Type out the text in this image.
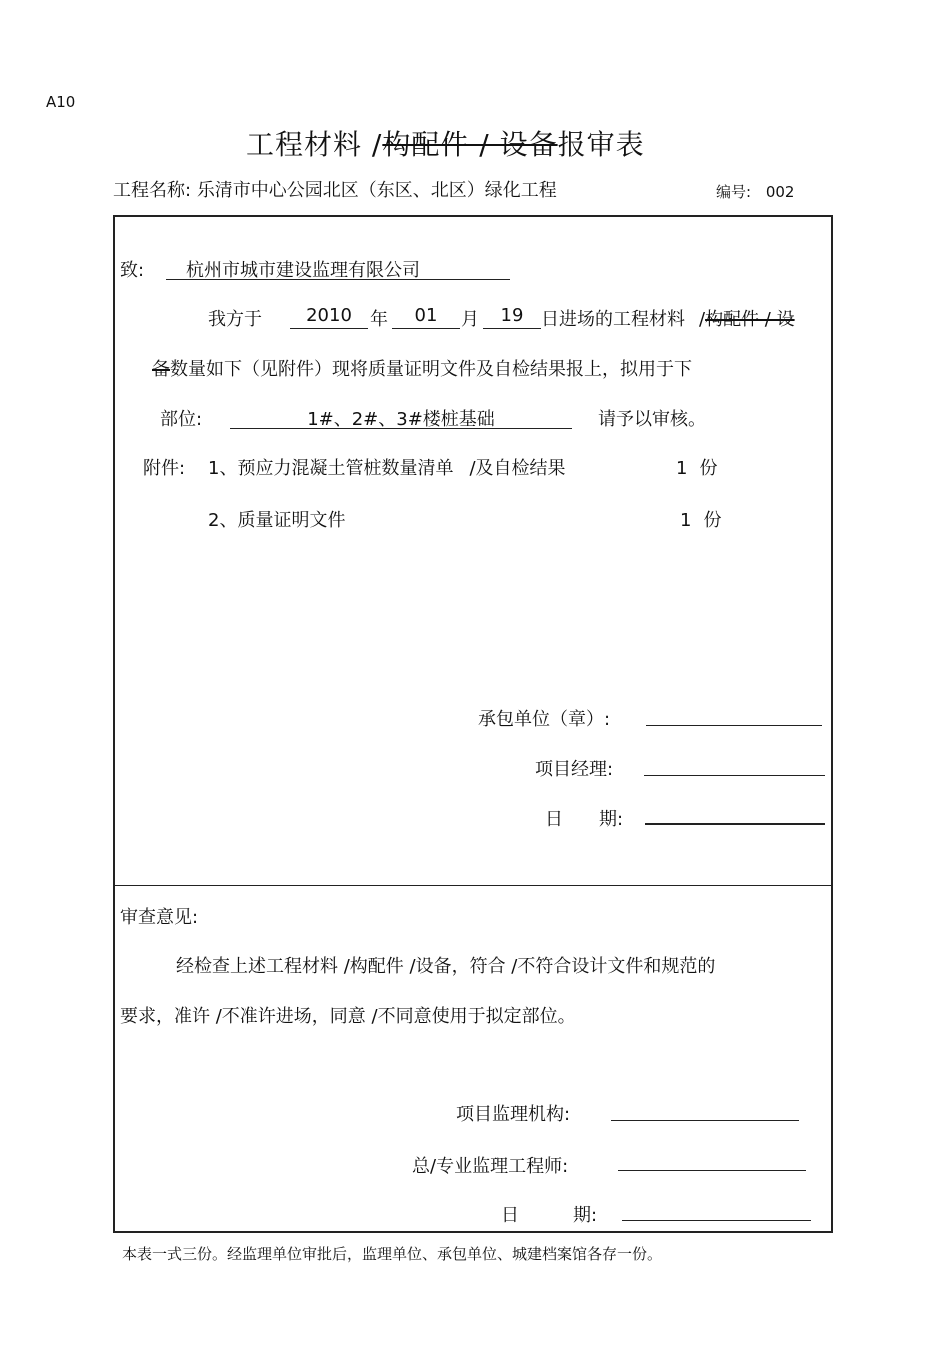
A10
工程材料 /构配件 / 设备报审表
工程名称: 乐清市中心公园北区（东区、北区）绿化工程	编号: 002
致: 杭州市城市建设监理有限公司
我方于	2010	年	01	月	19 日进场的工程材料 /构配件 / 设
备数量如下（见附件）现将质量证明文件及自检结果报上，拟用于下
部位:	1#、2#、3#楼桩基础	请予以审核。
附件: 1、预应力混凝土管桩数量清单 /及自检结果	1 份
2、质量证明文件	1 份
承包单位（章）:
项目经理:
日　　期:
审查意见:
经检查上述工程材料 /构配件 /设备，符合 /不符合设计文件和规范的
要求，准许 /不准许进场，同意 /不同意使用于拟定部位。
项目监理机构:
总/专业监理工程师:
日　　　期:
本表一式三份。经监理单位审批后，监理单位、承包单位、城建档案馆各存一份。
